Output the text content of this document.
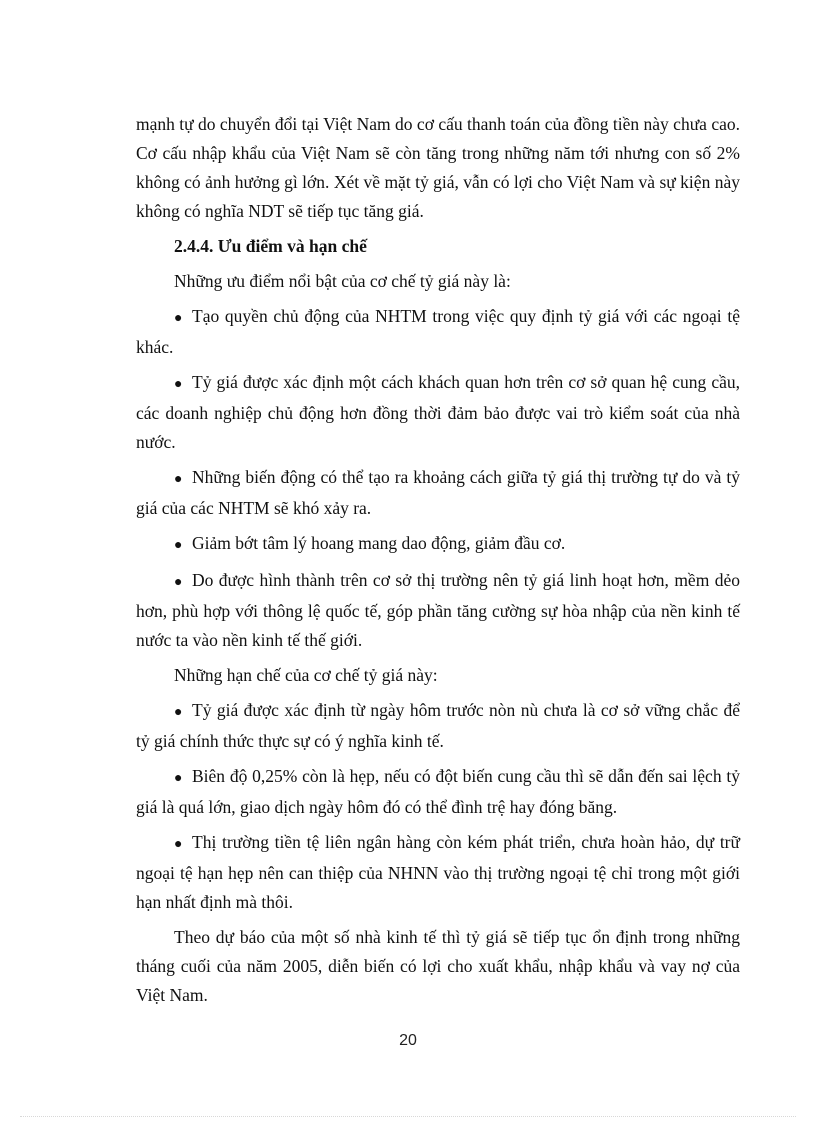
mạnh tự do chuyển đổi tại Việt Nam do cơ cấu thanh toán của đồng tiền này chưa cao. Cơ cấu nhập khẩu của Việt Nam sẽ còn tăng trong những năm tới nhưng con số 2% không có ảnh hưởng gì lớn. Xét về mặt tỷ giá, vẫn có lợi cho Việt Nam và sự kiện này không có nghĩa NDT sẽ tiếp tục tăng giá.

2.4.4. Ưu điểm và hạn chế

Những ưu điểm nổi bật của cơ chế tỷ giá này là:

● Tạo quyền chủ động của NHTM trong việc quy định tỷ giá với các ngoại tệ khác.

● Tỷ giá được xác định một cách khách quan hơn trên cơ sở quan hệ cung cầu, các doanh nghiệp chủ động hơn đồng thời đảm bảo được vai trò kiểm soát của nhà nước.

● Những biến động có thể tạo ra khoảng cách giữa tỷ giá thị trường tự do và tỷ giá của các NHTM sẽ khó xảy ra.

● Giảm bớt tâm lý hoang mang dao động, giảm đầu cơ.

● Do được hình thành trên cơ sở thị trường nên tỷ giá linh hoạt hơn, mềm dẻo hơn, phù hợp với thông lệ quốc tế, góp phần tăng cường sự hòa nhập của nền kinh tế nước ta vào nền kinh tế thế giới.

Những hạn chế của cơ chế tỷ giá này:

● Tỷ giá được xác định từ ngày hôm trước nòn nù chưa là cơ sở vững chắc để tỷ giá chính thức thực sự có ý nghĩa kinh tế.

● Biên độ 0,25% còn là hẹp, nếu có đột biến cung cầu thì sẽ dẫn đến sai lệch tỷ giá là quá lớn, giao dịch ngày hôm đó có thể đình trệ hay đóng băng.

● Thị trường tiền tệ liên ngân hàng còn kém phát triển, chưa hoàn hảo, dự trữ ngoại tệ hạn hẹp nên can thiệp của NHNN vào thị trường ngoại tệ chỉ trong một giới hạn nhất định mà thôi.

Theo dự báo của một số nhà kinh tế thì tỷ giá sẽ tiếp tục ổn định trong những tháng cuối của năm 2005, diễn biến có lợi cho xuất khẩu, nhập khẩu và vay nợ của Việt Nam.

20
